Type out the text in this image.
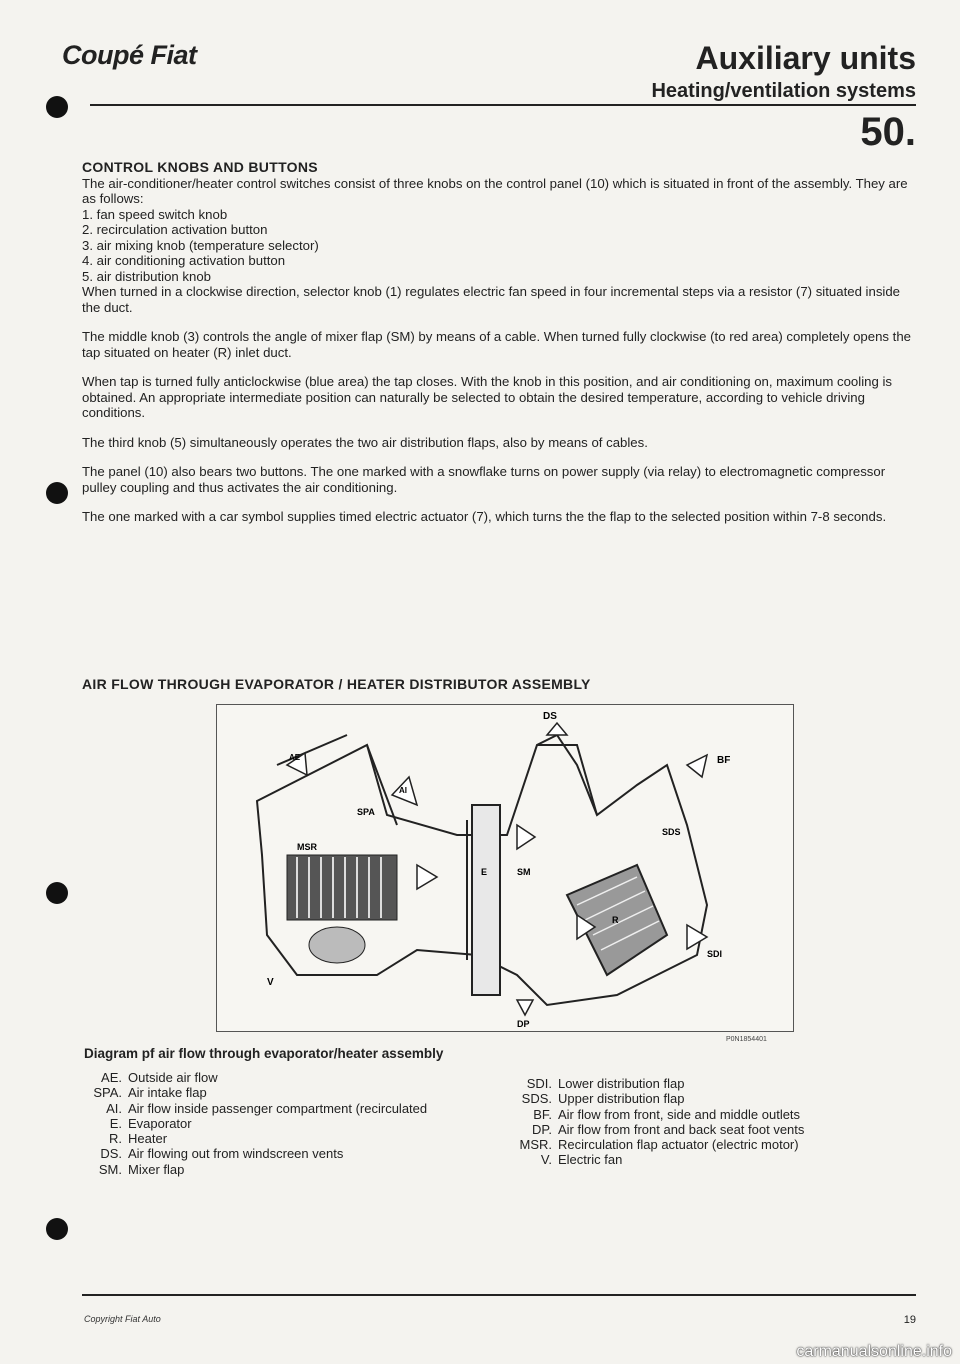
Coupé Fiat	Auxiliary units
Heating/ventilation systems
50.
CONTROL KNOBS AND BUTTONS
The air-conditioner/heater control switches consist of three knobs on the control panel (10) which is situated in front of the assembly. They are as follows:
1. fan speed switch knob
2. recirculation activation button
3. air mixing knob (temperature selector)
4. air conditioning activation button
5. air distribution knob

When turned in a clockwise direction, selector knob (1) regulates electric fan speed in four incremental steps via a resistor (7) situated inside the duct.

The middle knob (3) controls the angle of mixer flap (SM) by means of a cable. When turned fully clockwise (to red area) completely opens the tap situated on heater (R) inlet duct.

When tap is turned fully anticlockwise (blue area) the tap closes. With the knob in this position, and air conditioning on, maximum cooling is obtained. An appropriate intermediate position can naturally be selected to obtain the desired temperature, according to vehicle driving conditions.

The third knob (5) simultaneously operates the two air distribution flaps, also by means of cables.

The panel (10) also bears two buttons. The one marked with a snowflake turns on power supply (via relay) to electromagnetic compressor pulley coupling and thus activates the air conditioning.

The one marked with a car symbol supplies timed electric actuator (7), which turns the the flap to the selected position within 7-8 seconds.

AIR FLOW THROUGH EVAPORATOR / HEATER DISTRIBUTOR ASSEMBLY
DS
BF
SDS
SPA
MSR
E	SM
R
SDI
V
DP
AE
AI
P0N1854401
Diagram pf air flow through evaporator/heater assembly
AE. Outside air flow
SPA. Air intake flap
AI. Air flow inside passenger compartment (recirculated
E. Evaporator
R. Heater
DS. Air flowing out from windscreen vents
SM. Mixer flap
SDI. Lower distribution flap
SDS. Upper distribution flap
BF. Air flow from front, side and middle outlets
DP. Air flow from front and back seat foot vents
MSR. Recirculation flap actuator (electric motor)
V. Electric fan
Copyright Fiat Auto	19
carmanualsonline.info
